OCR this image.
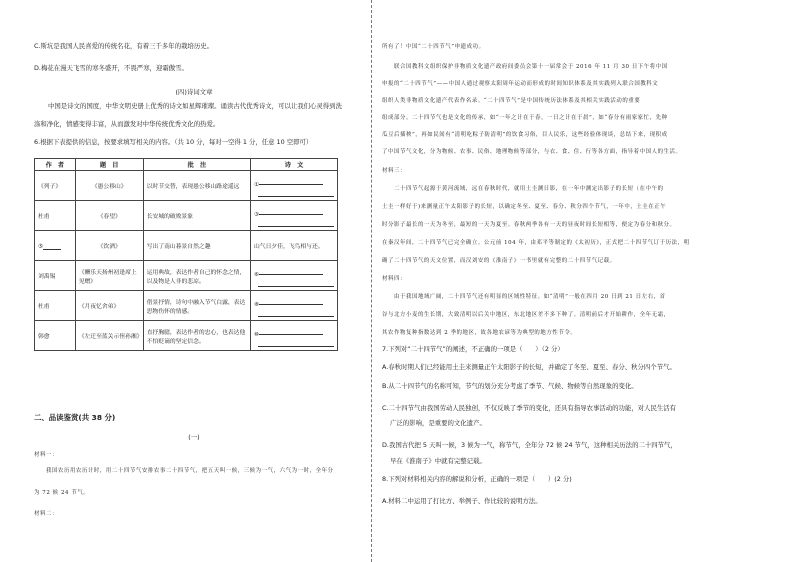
C.斯坑是我国人民喜爱的传统名花，有着三千多年的栽培历史。

D.梅花在漫天飞雪的寒冬盛开，不畏严寒，迎霜傲雪。

(四)诗词文章

中国是诗文的国度，中华文明史册上优秀的诗文如星辉璀璨。诵读古代优秀诗文，可以让我们心灵得到洗

涤和净化，情感变得丰富，从而激发对中华传统优秀文化的热爱。

6.根据下表提供的信息，按要求填写相关的内容。（共 10 分，每对一空得 1 分，任意 10 空即可）

作　者	题　目	批　注	诗　文
《列子》	《愚公移山》	以时节交替，表现愚公移山路途遥远	①

杜甫	《春望》	长安城的破败景象	③

⑤	《饮酒》	写出了南山暮景自然之趣	山气日夕佳，飞鸟相与还。
刘禹锡	《酬乐天扬州初逢席上见赠》	运用典故，表达作者自己的怀念之情，以及物是人非的悲凉。	⑥

杜甫	《月夜忆舍弟》	借景抒情，诗句中融入节气白露，表达思物伤怀的情感。	⑧

韩愈	《左迁至蓝关示侄孙湘》	直抒胸臆，表达作者的忠心，也表达他不怕贬谪的坚定信念。	⑩

二、品读鉴赏(共 38 分)

(一)

材料一：

我国农历用农历计时，用二十四节气安排农事二十四节气，把五天叫一候，三候为一气，六气为一时，全年分

为 72 候 24 节气。

材料二：

所有了！中国“二十四节气”申遗成功。

联合国教科文组织保护非物质文化遗产政府间委员会第十一届常会于 2016 年 11 月 30 日下午将中国

申报的“二十四节气”——中国人通过观察太阳周年运动而形成的时间知识体系及其实践列入联合国教科文

组织人类非物质文化遗产代表作名录。“二十四节气”是中国传统历法体系及其相关实践活动的重要

组成部分。二十四节气也是文化的传承，如“一年之计在于春，一日之计在于晨”，如“春分有雨家家忙，先种

瓜豆后插秧”，再如民间有“清明吃粽子防清明”的饮食习俗，目人民乐，这些经验体现谈，总结下来，现积成

了中国节气文化，分为物候、农事、民俗、地理物候等部分，与衣、食、住、行等各方面，指导着中国人的生活。

材料三：

二十四节气起源于黄河流域，远在春秋时代，就用土圭测日影，在一年中测定出影子的长短（在中午的

土圭一样好于)来测量正午太阳影子的长短，以确定冬至、夏至、春分、秋分四个节气，一年中，土圭在正午

时分影子最长的一天为冬至，最短的一天为夏至。春秋两季各有一天的昼夜时间长短相等，便定为春分和秋分。

在秦汉年间，二十四节气已完全确立。公元前 104 年，由邓平等制定的《太初历》，正式把二十四节气订于历法，明

确了二十四节气的天文位置，而汉刘安的《淮南子》一书里就有完整的二十四节气记载。

材料四：

由于我国地域广阔，二十四节气还有明显的区域性特征。如“清明”一般在四月 20 日到 21 日左右，首

谷与北方小麦的生长期，大致清明以后关中地区，东北地区差不多下种了。清明前后才开始耕作，全年无霜，

其农作物复种指数达到 2 季的地区，故各地农谚等为典型的地方性节令。

7.下列对“二十四节气”的阐述，不正确的一项是（　　）（2 分）

A.春秋时期人们已经能用土圭来测量正午太阳影子的长短，并确定了冬至、夏至、春分、秋分四个节气。

B.从二十四节气的名称可知，节气的划分充分考虑了季节、气候、物候等自然现象的变化。

C.二十四节气由我国劳动人民独创，不仅反映了季节的变化，还具有指导农事活动的功能，对人民生活有

广泛的影响，是重要的文化遗产。

D.我国古代把 5 天叫一候，3 候为一气，称节气，全年分 72 候 24 节气，这种相关历法的二十四节气，

早在《淮南子》中就有完整记载。

8.下列对材料相关内容的解说和分析，正确的一项是（　　）(2 分)

A.材料二中运用了打比方、举例子、作比较的说明方法。
